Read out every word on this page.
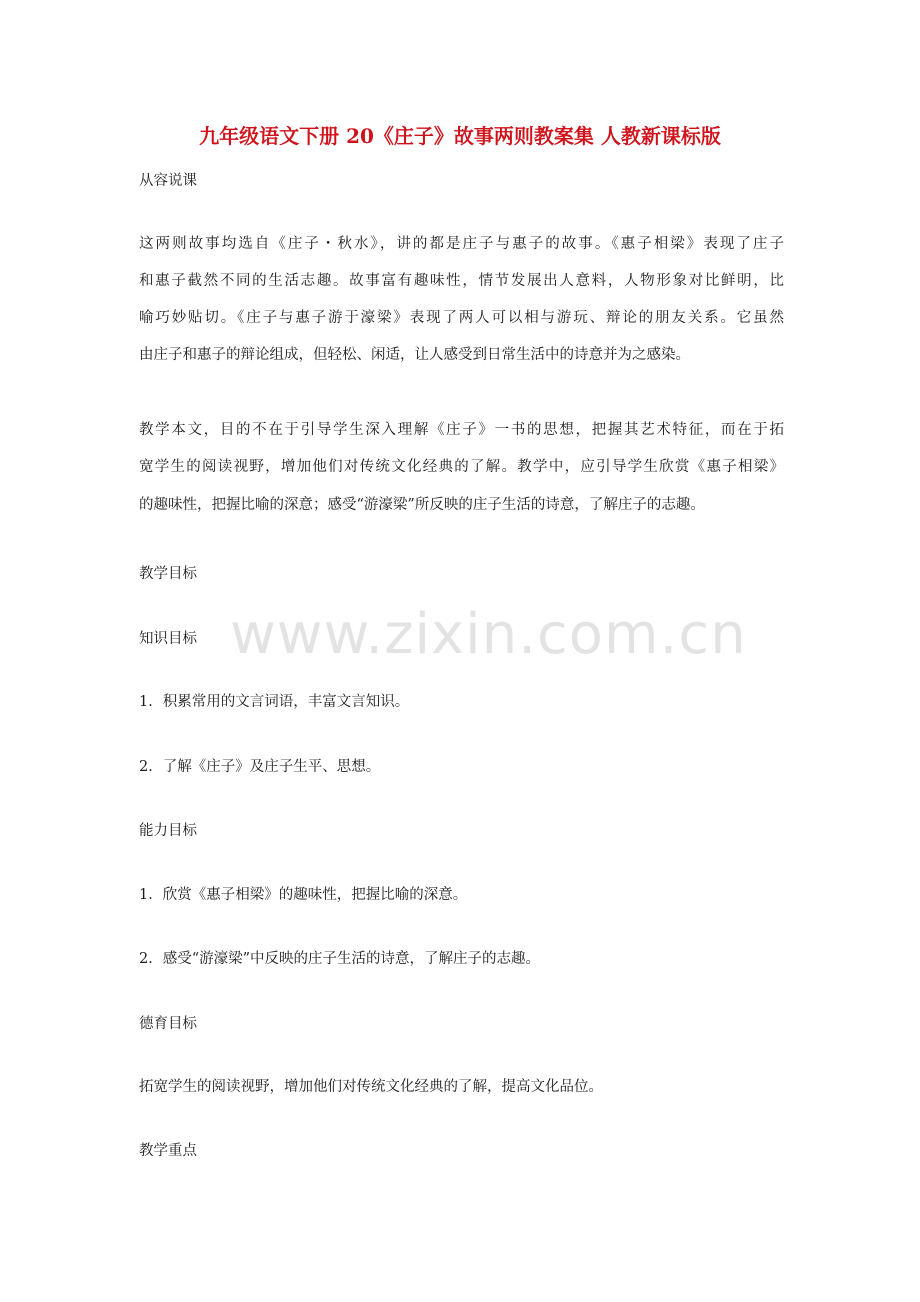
九年级语文下册 20《庄子》故事两则教案集 人教新课标版
从容说课
这两则故事均选自《庄子・秋水》，讲的都是庄子与惠子的故事。《惠子相梁》表现了庄子
和惠子截然不同的生活志趣。故事富有趣味性，情节发展出人意料，人物形象对比鲜明，比
喻巧妙贴切。《庄子与惠子游于濠梁》表现了两人可以相与游玩、辩论的朋友关系。它虽然
由庄子和惠子的辩论组成，但轻松、闲适，让人感受到日常生活中的诗意并为之感染。
教学本文，目的不在于引导学生深入理解《庄子》一书的思想，把握其艺术特征，而在于拓
宽学生的阅读视野，增加他们对传统文化经典的了解。教学中，应引导学生欣赏《惠子相梁》
的趣味性，把握比喻的深意；感受“游濠梁”所反映的庄子生活的诗意，了解庄子的志趣。
教学目标
知识目标
1．积累常用的文言词语，丰富文言知识。
2．了解《庄子》及庄子生平、思想。
能力目标
1．欣赏《惠子相梁》的趣味性，把握比喻的深意。
2．感受“游濠梁”中反映的庄子生活的诗意，了解庄子的志趣。
德育目标
拓宽学生的阅读视野，增加他们对传统文化经典的了解，提高文化品位。
教学重点
www.zixin.com.cn
